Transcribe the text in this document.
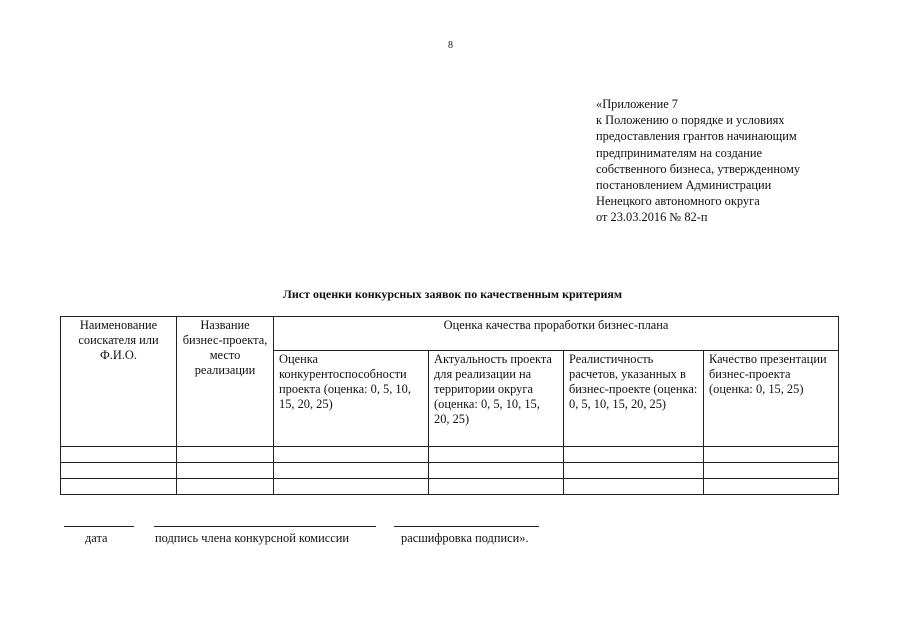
8
«Приложение 7
к Положению о порядке и условиях
предоставления грантов начинающим
предпринимателям на создание
собственного бизнеса, утвержденному
постановлением Администрации
Ненецкого автономного округа
от 23.03.2016 № 82-п
Лист оценки конкурсных заявок по качественным критериям
Наименование соискателя или Ф.И.О.	Название бизнес-проекта, место реализации	Оценка качества проработки бизнес-плана			
		Оценка конкурентоспособности проекта (оценка: 0, 5, 10, 15, 20, 25)	Актуальность проекта для реализации на территории округа (оценка: 0, 5, 10, 15, 20, 25)	Реалистичность расчетов, указанных в бизнес-проекте (оценка: 0, 5, 10, 15, 20, 25)	Качество презентации бизнес-проекта (оценка: 0, 15, 25)

дата	подпись члена конкурсной комиссии	расшифровка подписи».
